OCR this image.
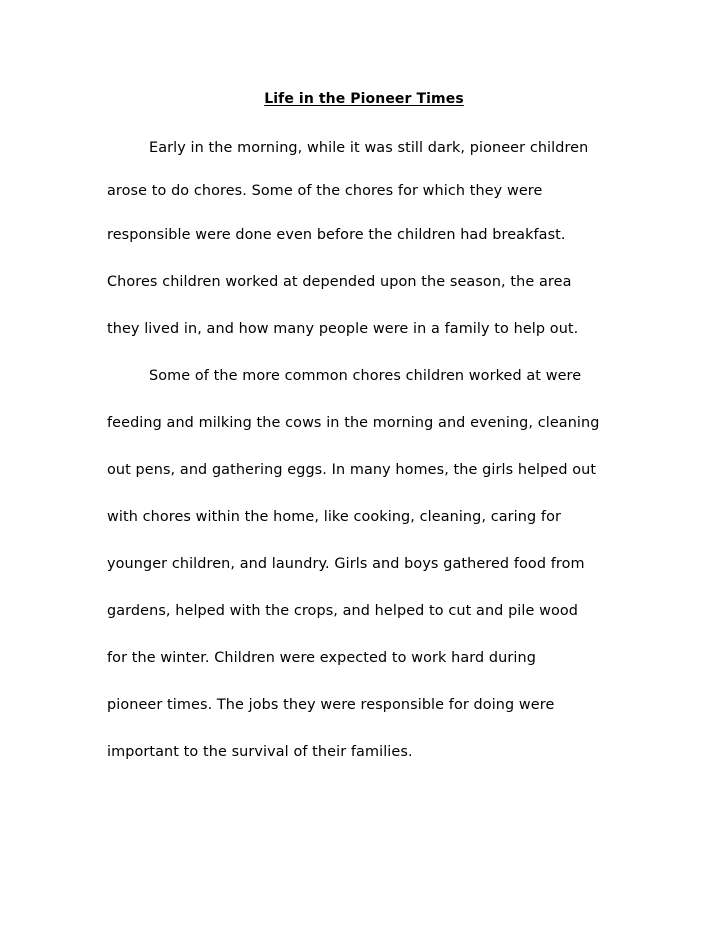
Life in the Pioneer Times

Early in the morning, while it was still dark, pioneer children

arose to do chores. Some of the chores for which they were

responsible were done even before the children had breakfast.

Chores children worked at depended upon the season, the area

they lived in, and how many people were in a family to help out.

Some of the more common chores children worked at were

feeding and milking the cows in the morning and evening, cleaning

out pens, and gathering eggs. In many homes, the girls helped out

with chores within the home, like cooking, cleaning, caring for

younger children, and laundry. Girls and boys gathered food from

gardens, helped with the crops, and helped to cut and pile wood

for the winter. Children were expected to work hard during

pioneer times. The jobs they were responsible for doing were

important to the survival of their families.
